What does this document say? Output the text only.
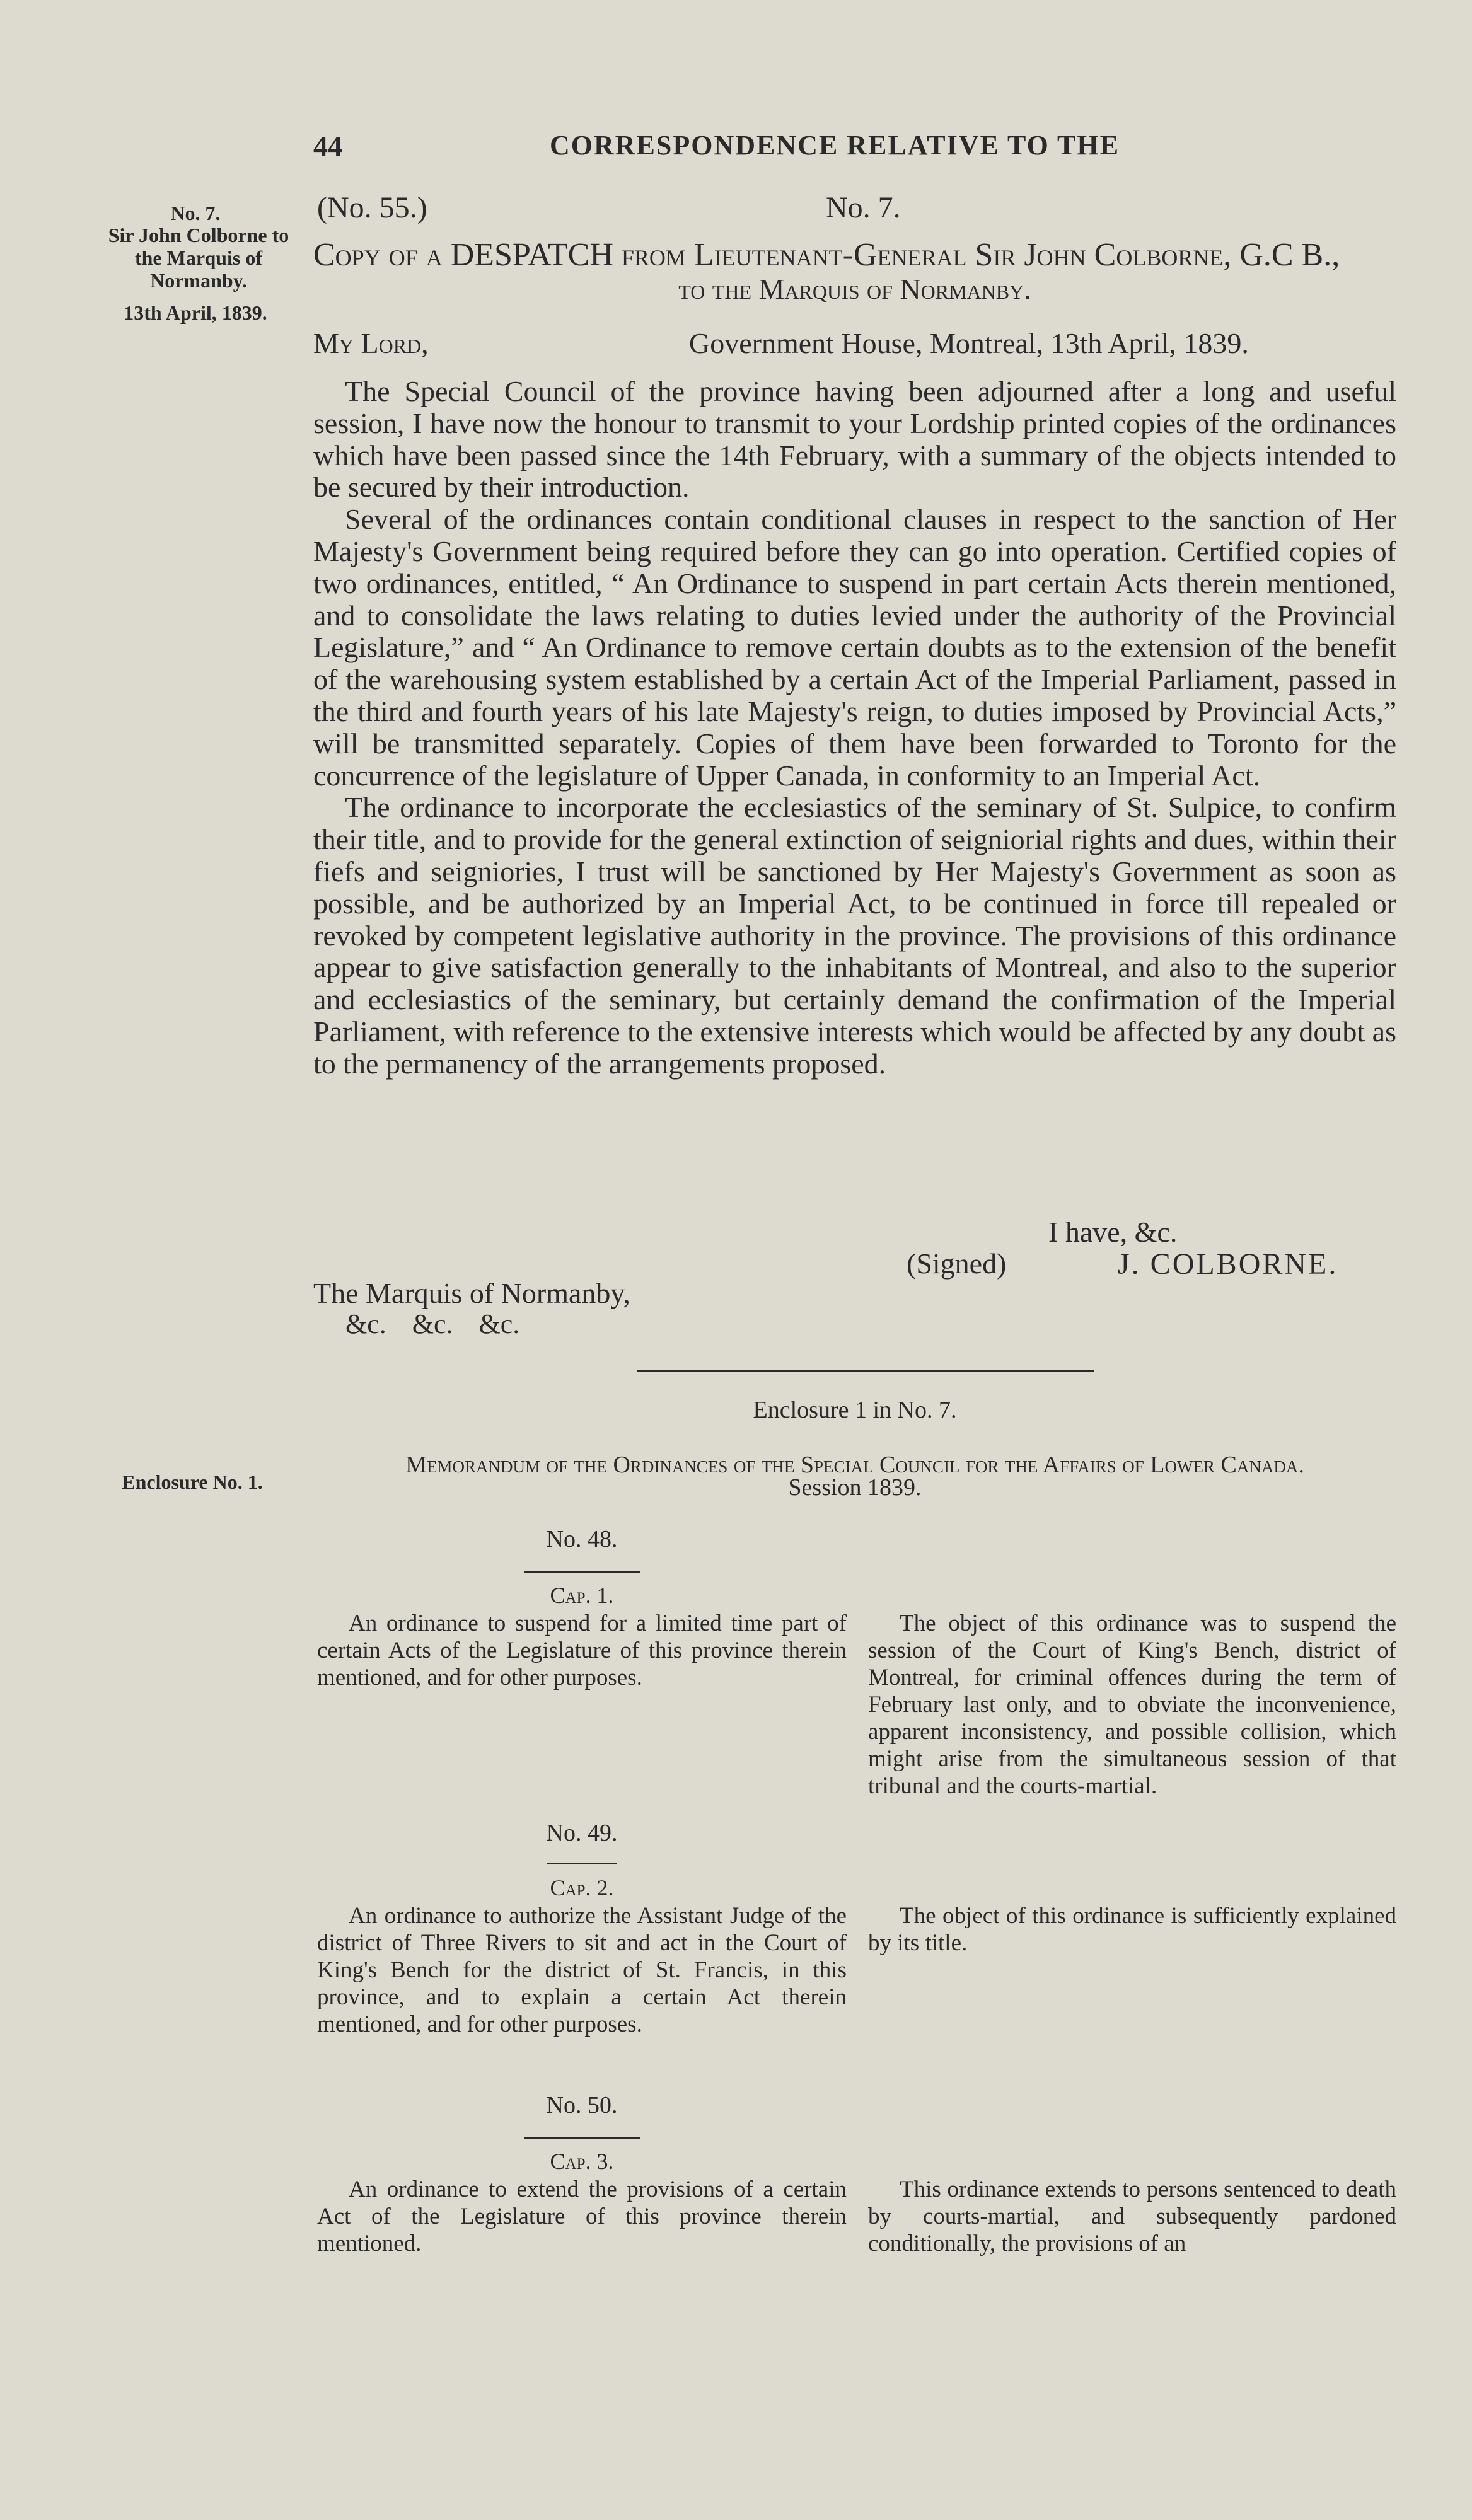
44	CORRESPONDENCE RELATIVE TO THE
No. 7.
Sir John Colborne to the Marquis of Normanby.
13th April, 1839.
Enclosure No. 1.
(No. 55.)	No. 7.
Copy of a DESPATCH from Lieutenant-General Sir John Colborne, G.C B.,
to the Marquis of Normanby.
My Lord,	Government House, Montreal, 13th April, 1839.

The Special Council of the province having been adjourned after a long and useful session, I have now the honour to transmit to your Lordship printed copies of the ordinances which have been passed since the 14th February, with a summary of the objects intended to be secured by their introduction.

Several of the ordinances contain conditional clauses in respect to the sanction of Her Majesty's Government being required before they can go into operation. Certified copies of two ordinances, entitled, “ An Ordinance to suspend in part certain Acts therein mentioned, and to consolidate the laws relating to duties levied under the authority of the Provincial Legislature,” and “ An Ordinance to remove certain doubts as to the extension of the benefit of the warehousing system established by a certain Act of the Imperial Parliament, passed in the third and fourth years of his late Majesty's reign, to duties imposed by Provincial Acts,” will be transmitted separately. Copies of them have been forwarded to Toronto for the concurrence of the legislature of Upper Canada, in conformity to an Imperial Act.

The ordinance to incorporate the ecclesiastics of the seminary of St. Sulpice, to confirm their title, and to provide for the general extinction of seigniorial rights and dues, within their fiefs and seigniories, I trust will be sanctioned by Her Majesty's Government as soon as possible, and be authorized by an Imperial Act, to be continued in force till repealed or revoked by competent legislative authority in the province. The provisions of this ordinance appear to give satisfaction generally to the inhabitants of Montreal, and also to the superior and ecclesiastics of the seminary, but certainly demand the confirmation of the Imperial Parliament, with reference to the extensive interests which would be affected by any doubt as to the permanency of the arrangements proposed.

I have, &c.
(Signed)	J. COLBORNE.
The Marquis of Normanby,
&c. &c. &c.
Enclosure 1 in No. 7.
Memorandum of the Ordinances of the Special Council for the Affairs of Lower Canada.
Session 1839.
No. 48.
Cap. 1.
An ordinance to suspend for a limited time part of certain Acts of the Legislature of this province therein mentioned, and for other purposes.
The object of this ordinance was to suspend the session of the Court of King's Bench, district of Montreal, for criminal offences during the term of February last only, and to obviate the inconvenience, apparent inconsistency, and possible collision, which might arise from the simultaneous session of that tribunal and the courts-martial.
No. 49.
Cap. 2.
An ordinance to authorize the Assistant Judge of the district of Three Rivers to sit and act in the Court of King's Bench for the district of St. Francis, in this province, and to explain a certain Act therein mentioned, and for other purposes.
The object of this ordinance is sufficiently explained by its title.
No. 50.
Cap. 3.
An ordinance to extend the provisions of a certain Act of the Legislature of this province therein mentioned.
This ordinance extends to persons sentenced to death by courts-martial, and subsequently pardoned conditionally, the provisions of an
